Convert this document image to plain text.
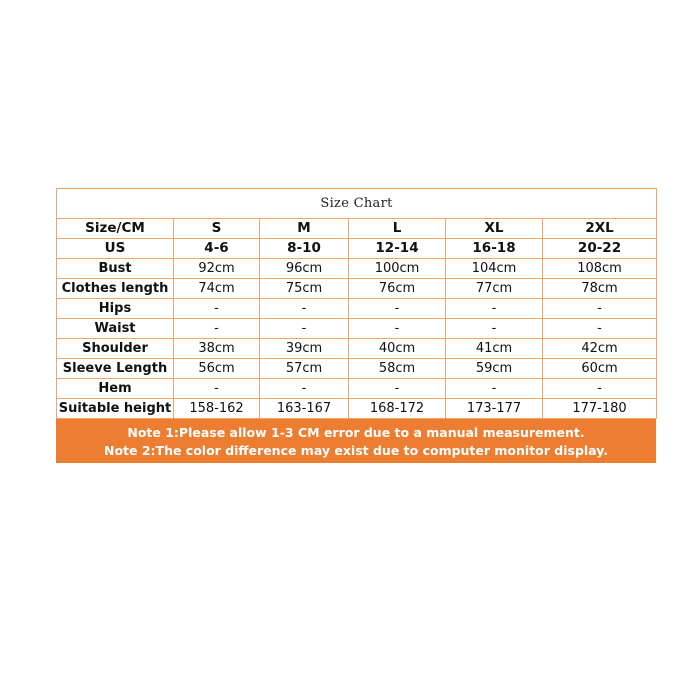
Size Chart					
Size/CM	S	M	L	XL	2XL
US	4-6	8-10	12-14	16-18	20-22
Bust	92cm	96cm	100cm	104cm	108cm
Clothes length	74cm	75cm	76cm	77cm	78cm
Hips	-	-	-	-	-
Waist	-	-	-	-	-
Shoulder	38cm	39cm	40cm	41cm	42cm
Sleeve Length	56cm	57cm	58cm	59cm	60cm
Hem	-	-	-	-	-
Suitable height	158-162	163-167	168-172	173-177	177-180
Note 1:Please allow 1-3 CM error due to a manual measurement.
Note 2:The color difference may exist due to computer monitor display.
